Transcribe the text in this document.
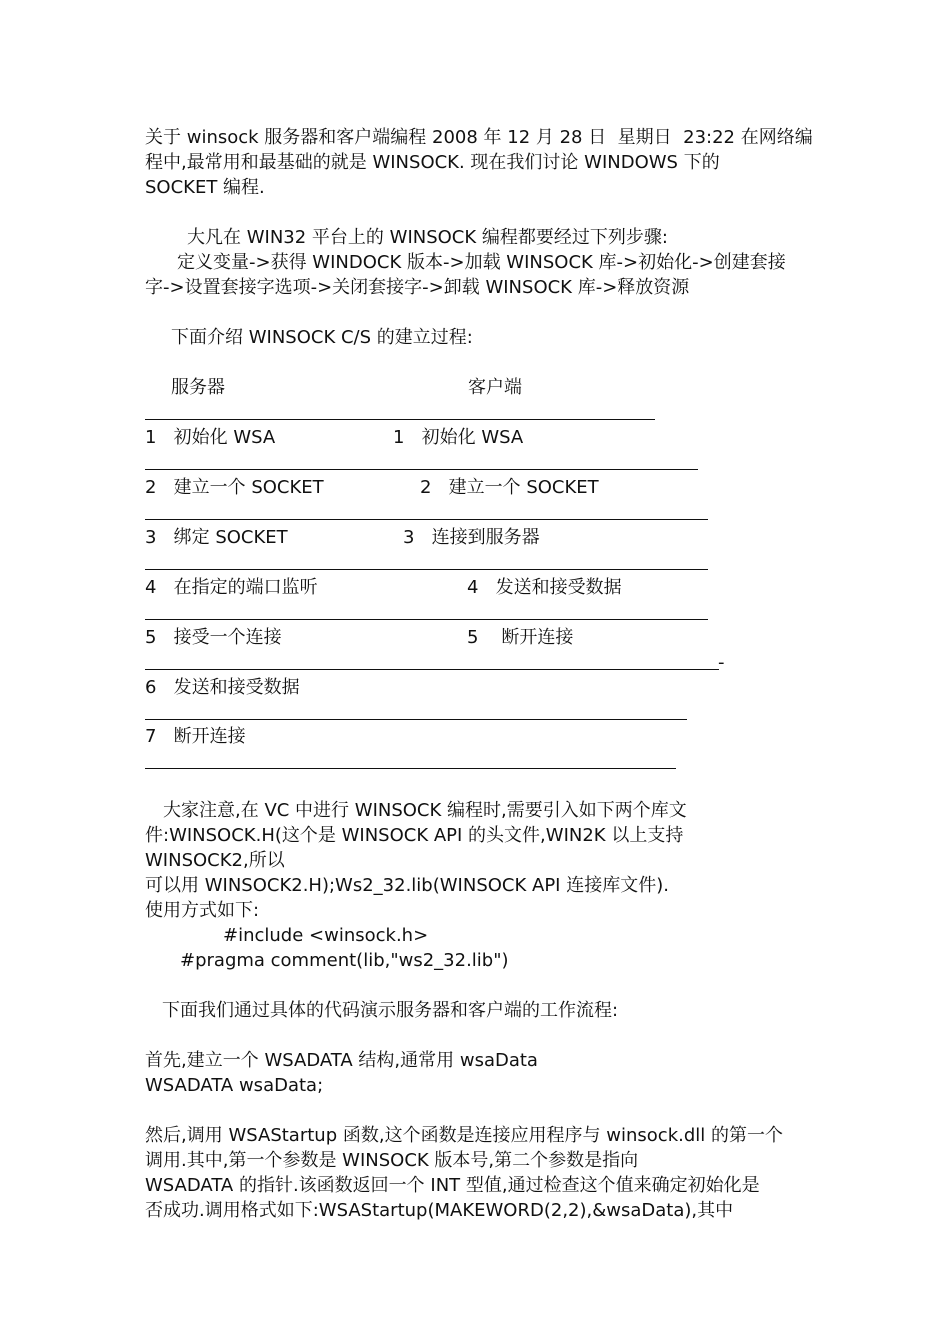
关于 winsock 服务器和客户端编程 2008 年 12 月 28 日  星期日  23:22 在网络编
程中,最常用和最基础的就是 WINSOCK. 现在我们讨论 WINDOWS 下的
SOCKET 编程.
大凡在 WIN32 平台上的 WINSOCK 编程都要经过下列步骤:
定义变量->获得 WINDOCK 版本->加载 WINSOCK 库->初始化->创建套接
字->设置套接字选项->关闭套接字->卸载 WINSOCK 库->释放资源
下面介绍 WINSOCK C/S 的建立过程:
服务器	客户端
1   初始化 WSA	1   初始化 WSA
2   建立一个 SOCKET	2   建立一个 SOCKET
3   绑定 SOCKET	3   连接到服务器
4   在指定的端口监听	4   发送和接受数据
5   接受一个连接	5    断开连接
-
6   发送和接受数据
7   断开连接
大家注意,在 VC 中进行 WINSOCK 编程时,需要引入如下两个库文
件:WINSOCK.H(这个是 WINSOCK API 的头文件,WIN2K 以上支持
WINSOCK2,所以
可以用 WINSOCK2.H);Ws2_32.lib(WINSOCK API 连接库文件).
使用方式如下:
#include <winsock.h>
#pragma comment(lib,"ws2_32.lib")
下面我们通过具体的代码演示服务器和客户端的工作流程:
首先,建立一个 WSADATA 结构,通常用 wsaData
WSADATA wsaData;
然后,调用 WSAStartup 函数,这个函数是连接应用程序与 winsock.dll 的第一个
调用.其中,第一个参数是 WINSOCK 版本号,第二个参数是指向
WSADATA 的指针.该函数返回一个 INT 型值,通过检查这个值来确定初始化是
否成功.调用格式如下:WSAStartup(MAKEWORD(2,2),&wsaData),其中
